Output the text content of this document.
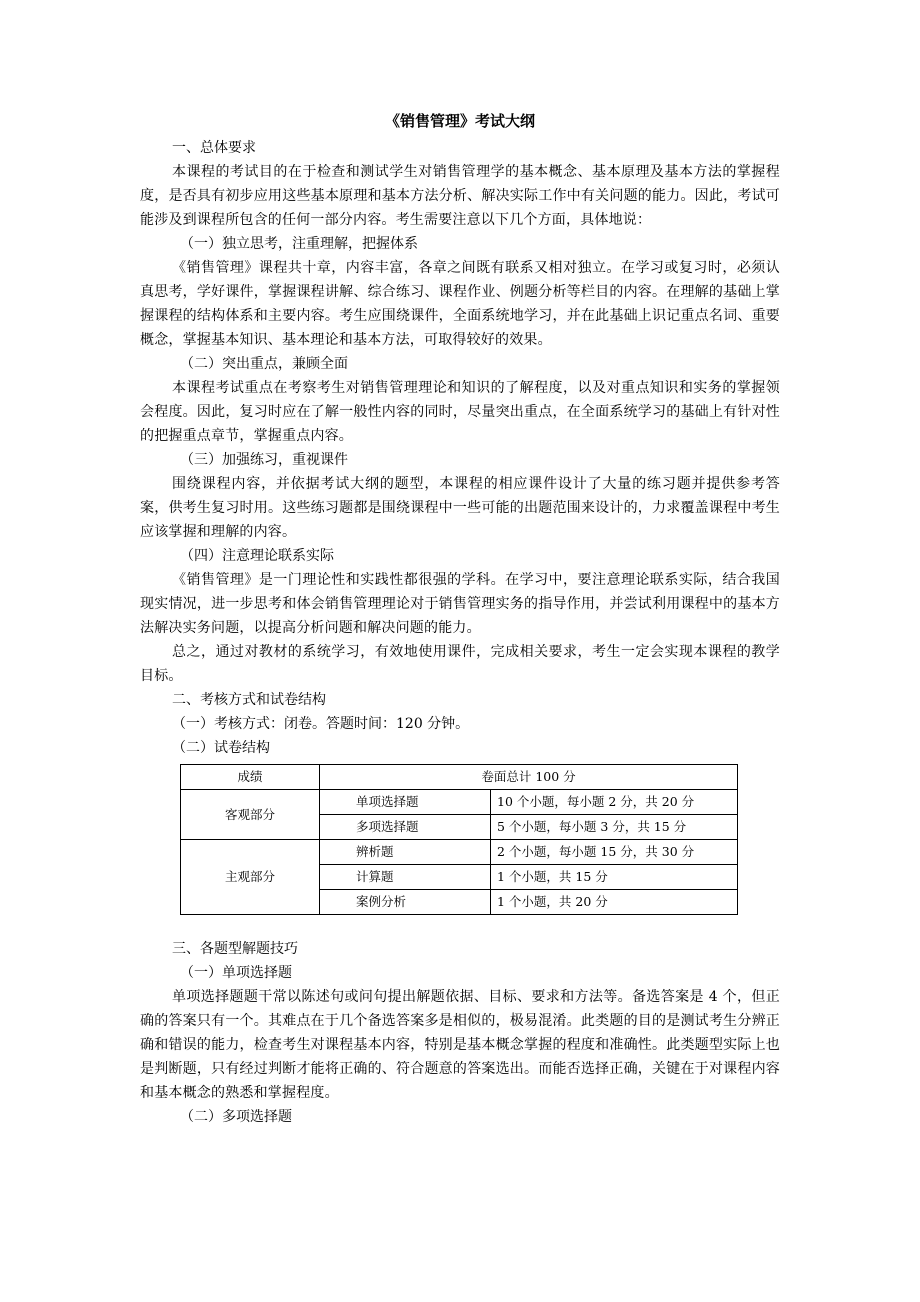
《销售管理》考试大纲

一、总体要求

本课程的考试目的在于检查和测试学生对销售管理学的基本概念、基本原理及基本方法的掌握程度，是否具有初步应用这些基本原理和基本方法分析、解决实际工作中有关问题的能力。因此，考试可能涉及到课程所包含的任何一部分内容。考生需要注意以下几个方面，具体地说：

（一）独立思考，注重理解，把握体系

《销售管理》课程共十章，内容丰富，各章之间既有联系又相对独立。在学习或复习时，必须认真思考，学好课件，掌握课程讲解、综合练习、课程作业、例题分析等栏目的内容。在理解的基础上掌握课程的结构体系和主要内容。考生应围绕课件，全面系统地学习，并在此基础上识记重点名词、重要概念，掌握基本知识、基本理论和基本方法，可取得较好的效果。

（二）突出重点，兼顾全面

本课程考试重点在考察考生对销售管理理论和知识的了解程度，以及对重点知识和实务的掌握领会程度。因此，复习时应在了解一般性内容的同时，尽量突出重点，在全面系统学习的基础上有针对性的把握重点章节，掌握重点内容。

（三）加强练习，重视课件

围绕课程内容，并依据考试大纲的题型，本课程的相应课件设计了大量的练习题并提供参考答案，供考生复习时用。这些练习题都是围绕课程中一些可能的出题范围来设计的，力求覆盖课程中考生应该掌握和理解的内容。

（四）注意理论联系实际

《销售管理》是一门理论性和实践性都很强的学科。在学习中，要注意理论联系实际，结合我国现实情况，进一步思考和体会销售管理理论对于销售管理实务的指导作用，并尝试利用课程中的基本方法解决实务问题，以提高分析问题和解决问题的能力。

总之，通过对教材的系统学习，有效地使用课件，完成相关要求，考生一定会实现本课程的教学目标。

二、考核方式和试卷结构

（一）考核方式：闭卷。答题时间：120 分钟。

（二）试卷结构

成绩	卷面总计 100 分	
客观部分	单项选择题	10 个小题，每小题 2 分，共 20 分
	多项选择题	5 个小题，每小题 3 分，共 15 分
主观部分	辨析题	2 个小题，每小题 15 分，共 30 分
	计算题	1 个小题，共 15 分
	案例分析	1 个小题，共 20 分

三、各题型解题技巧

（一）单项选择题

单项选择题题干常以陈述句或问句提出解题依据、目标、要求和方法等。备选答案是 4 个，但正确的答案只有一个。其难点在于几个备选答案多是相似的，极易混淆。此类题的目的是测试考生分辨正确和错误的能力，检查考生对课程基本内容，特别是基本概念掌握的程度和准确性。此类题型实际上也是判断题，只有经过判断才能将正确的、符合题意的答案选出。而能否选择正确，关键在于对课程内容和基本概念的熟悉和掌握程度。

（二）多项选择题
